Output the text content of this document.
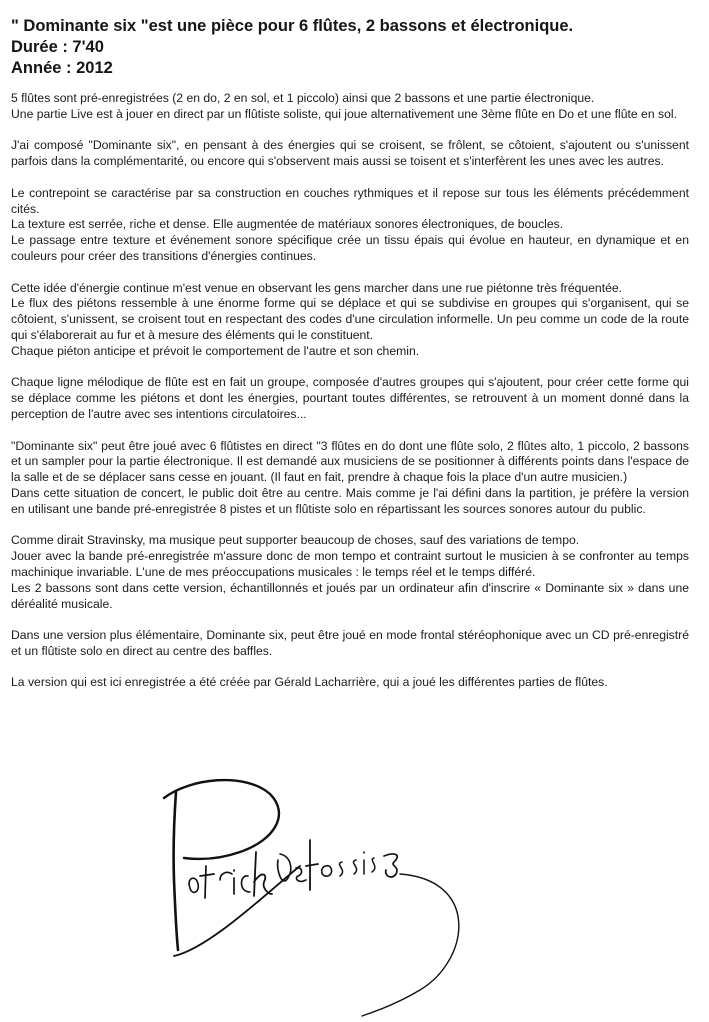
" Dominante six "est une pièce pour 6 flûtes, 2 bassons et électronique.
Durée : 7'40
Année : 2012

5 flûtes sont pré-enregistrées (2 en do, 2 en sol, et 1 piccolo) ainsi que 2 bassons et une partie électronique.
Une partie Live est à jouer en direct par un flûtiste soliste, qui joue alternativement une 3ème flûte en Do et une flûte en sol.

J'ai composé "Dominante six", en pensant à des énergies qui se croisent, se frôlent, se côtoient, s'ajoutent ou s'unissent parfois dans la complémentarité, ou encore qui s'observent mais aussi se toisent et s'interfèrent les unes avec les autres.

Le contrepoint se caractérise par sa construction en couches rythmiques et il repose sur tous les éléments précédemment cités.
La texture est serrée, riche et dense. Elle augmentée de matériaux sonores électroniques, de boucles.
Le passage entre texture et événement sonore spécifique crée un tissu épais qui évolue en hauteur, en dynamique et en couleurs pour créer des transitions d'énergies continues.

Cette idée d'énergie continue m'est venue en observant les gens marcher dans une rue piétonne très fréquentée.
Le flux des piétons ressemble à une énorme forme qui se déplace et qui se subdivise en groupes qui s'organisent, qui se côtoient, s'unissent, se croisent tout en respectant des codes d'une circulation informelle. Un peu comme un code de la route qui s'élaborerait au fur et à mesure des éléments qui le constituent.
Chaque piéton anticipe et prévoit le comportement de l'autre et son chemin.

Chaque ligne mélodique de flûte est en fait un groupe, composée d'autres groupes qui s'ajoutent, pour créer cette forme qui se déplace comme les piétons et dont les énergies, pourtant toutes différentes, se retrouvent à un moment donné dans la perception de l'autre avec ses intentions circulatoires...

"Dominante six" peut être joué avec 6 flûtistes en direct "3 flûtes en do dont une flûte solo, 2 flûtes alto, 1 piccolo, 2 bassons et un sampler pour la partie électronique. Il est demandé aux musiciens de se positionner à différents points dans l'espace de la salle et de se déplacer sans cesse en jouant. (Il faut en fait, prendre à chaque fois la place d'un autre musicien.)
Dans cette situation de concert, le public doit être au centre. Mais comme je l'ai défini dans la partition, je préfère la version en utilisant une bande pré-enregistrée 8 pistes et un flûtiste solo en répartissant les sources sonores autour du public.

Comme dirait Stravinsky, ma musique peut supporter beaucoup de choses, sauf des variations de tempo.
Jouer avec la bande pré-enregistrée m'assure donc de mon tempo et contraint surtout le musicien à se confronter au temps machinique invariable. L'une de mes préoccupations musicales : le temps réel et le temps différé.
Les 2 bassons sont dans cette version, échantillonnés et joués par un ordinateur afin d'inscrire « Dominante six » dans une déréalité musicale.

Dans une version plus élémentaire, Dominante six, peut être joué en mode frontal stéréophonique avec un CD pré-enregistré et un flûtiste solo en direct au centre des baffles.

La version qui est ici enregistrée a été créée par Gérald Lacharrière, qui a joué les différentes parties de flûtes.
